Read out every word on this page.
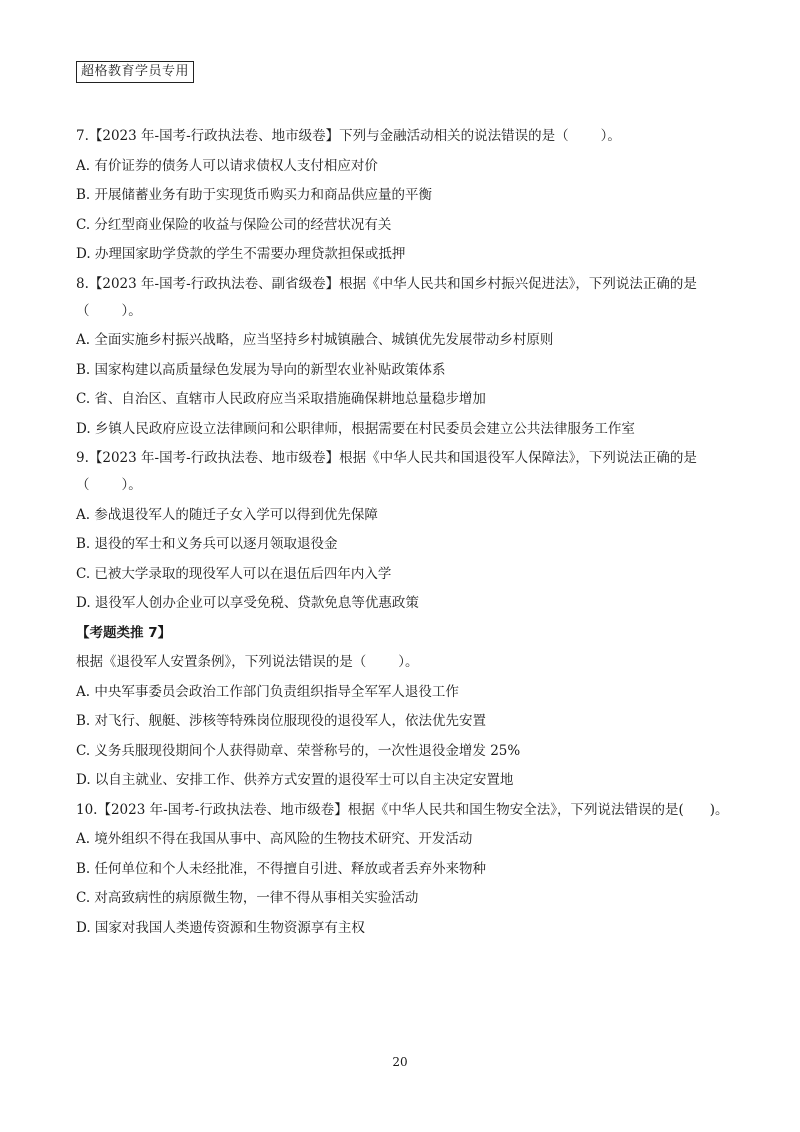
超格教育学员专用
7.【2023 年-国考-行政执法卷、地市级卷】下列与金融活动相关的说法错误的是（ ）。
A. 有价证券的债务人可以请求债权人支付相应对价
B. 开展储蓄业务有助于实现货币购买力和商品供应量的平衡
C. 分红型商业保险的收益与保险公司的经营状况有关
D. 办理国家助学贷款的学生不需要办理贷款担保或抵押
8.【2023 年-国考-行政执法卷、副省级卷】根据《中华人民共和国乡村振兴促进法》，下列说法正确的是
（ ）。
A. 全面实施乡村振兴战略，应当坚持乡村城镇融合、城镇优先发展带动乡村原则
B. 国家构建以高质量绿色发展为导向的新型农业补贴政策体系
C. 省、自治区、直辖市人民政府应当采取措施确保耕地总量稳步增加
D. 乡镇人民政府应设立法律顾问和公职律师，根据需要在村民委员会建立公共法律服务工作室
9.【2023 年-国考-行政执法卷、地市级卷】根据《中华人民共和国退役军人保障法》，下列说法正确的是
（ ）。
A. 参战退役军人的随迁子女入学可以得到优先保障
B. 退役的军士和义务兵可以逐月领取退役金
C. 已被大学录取的现役军人可以在退伍后四年内入学
D. 退役军人创办企业可以享受免税、贷款免息等优惠政策
【考题类推 7】
根据《退役军人安置条例》，下列说法错误的是（ ）。
A. 中央军事委员会政治工作部门负责组织指导全军军人退役工作
B. 对飞行、舰艇、涉核等特殊岗位服现役的退役军人，依法优先安置
C. 义务兵服现役期间个人获得勋章、荣誉称号的，一次性退役金增发 25%
D. 以自主就业、安排工作、供养方式安置的退役军士可以自主决定安置地
10.【2023 年-国考-行政执法卷、地市级卷】根据《中华人民共和国生物安全法》，下列说法错误的是( )。
A. 境外组织不得在我国从事中、高风险的生物技术研究、开发活动
B. 任何单位和个人未经批准，不得擅自引进、释放或者丢弃外来物种
C. 对高致病性的病原微生物，一律不得从事相关实验活动
D. 国家对我国人类遗传资源和生物资源享有主权
20
